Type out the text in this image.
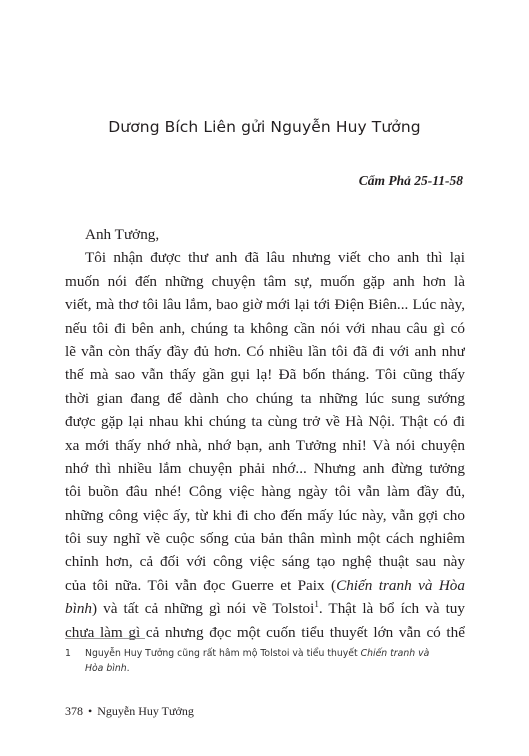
Dương Bích Liên gửi Nguyễn Huy Tưởng
Cẩm Phả 25-11-58
Anh Tưởng,
Tôi nhận được thư anh đã lâu nhưng viết cho anh thì lại
muốn nói đến những chuyện tâm sự, muốn gặp anh hơn là
viết, mà thơ tôi lâu lắm, bao giờ mới lại tới Điện Biên... Lúc này,
nếu tôi đi bên anh, chúng ta không cần nói với nhau câu gì có
lẽ vẫn còn thấy đầy đủ hơn. Có nhiều lần tôi đã đi với anh như
thế mà sao vẫn thấy gần gụi lạ! Đã bốn tháng. Tôi cũng thấy
thời gian đang để dành cho chúng ta những lúc sung sướng
được gặp lại nhau khi chúng ta cùng trở về Hà Nội. Thật có đi
xa mới thấy nhớ nhà, nhớ bạn, anh Tưởng nhỉ! Và nói chuyện
nhớ thì nhiều lắm chuyện phải nhớ... Nhưng anh đừng tưởng
tôi buồn đâu nhé! Công việc hàng ngày tôi vẫn làm đầy đủ,
những công việc ấy, từ khi đi cho đến mấy lúc này, vẫn gợi cho
tôi suy nghĩ về cuộc sống của bản thân mình một cách nghiêm
chỉnh hơn, cả đối với công việc sáng tạo nghệ thuật sau này
của tôi nữa. Tôi vẫn đọc Guerre et Paix (Chiến tranh và Hòa
bình) và tất cả những gì nói về Tolstoi$^1$. Thật là bổ ích và tuy
chưa làm gì cả nhưng đọc một cuốn tiểu thuyết lớn vẫn có thể
1 Nguyễn Huy Tưởng cũng rất hâm mộ Tolstoi và tiểu thuyết Chiến tranh và
Hòa bình.
378 • Nguyễn Huy Tưởng
